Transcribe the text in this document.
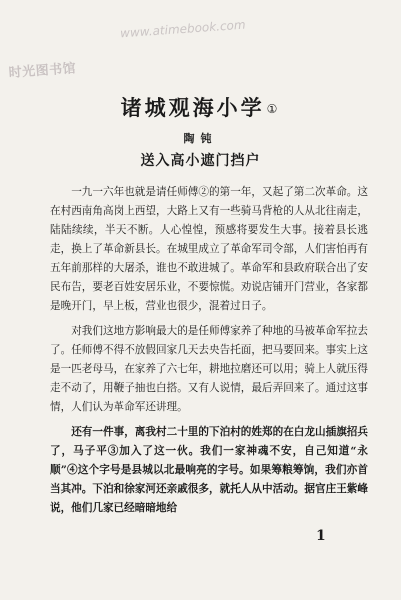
时光图书馆
www.atimebook.com
诸城观海小学 ①
陶钝
送入高小遮门挡户

一九一六年也就是请任师傅②的第一年，又起了第二次革命。这在村西南角高岗上西望，大路上又有一些骑马背枪的人从北往南走，陆陆续续，半天不断。人心惶惶，预感将要发生大事。接着县长逃走，换上了革命新县长。在城里成立了革命军司令部，人们害怕再有五年前那样的大屠杀，谁也不敢进城了。革命军和县政府联合出了安民布告，要老百姓安居乐业，不要惊慌。劝说店铺开门营业，各家都是晚开门，早上板，营业也很少，混着过日子。

对我们这地方影响最大的是任师傅家养了种地的马被革命军拉去了。任师傅不得不放假回家几天去央告托面，把马要回来。事实上这是一匹老母马，在家养了六七年，耕地拉磨还可以用；骑上人就压得走不动了，用鞭子抽也白搭。又有人说情，最后弄回来了。通过这事情，人们认为革命军还讲理。

还有一件事，离我村二十里的下泊村的姓郑的在白龙山插旗招兵了，马子平③加入了这一伙。我们一家神魂不安，自己知道“永顺”④这个字号是县城以北最响亮的字号。如果筹粮筹饷，我们亦首当其冲。下泊和徐家河还亲戚很多，就托人从中活动。据官庄王紫峰说，他们几家已经暗暗地给

1
